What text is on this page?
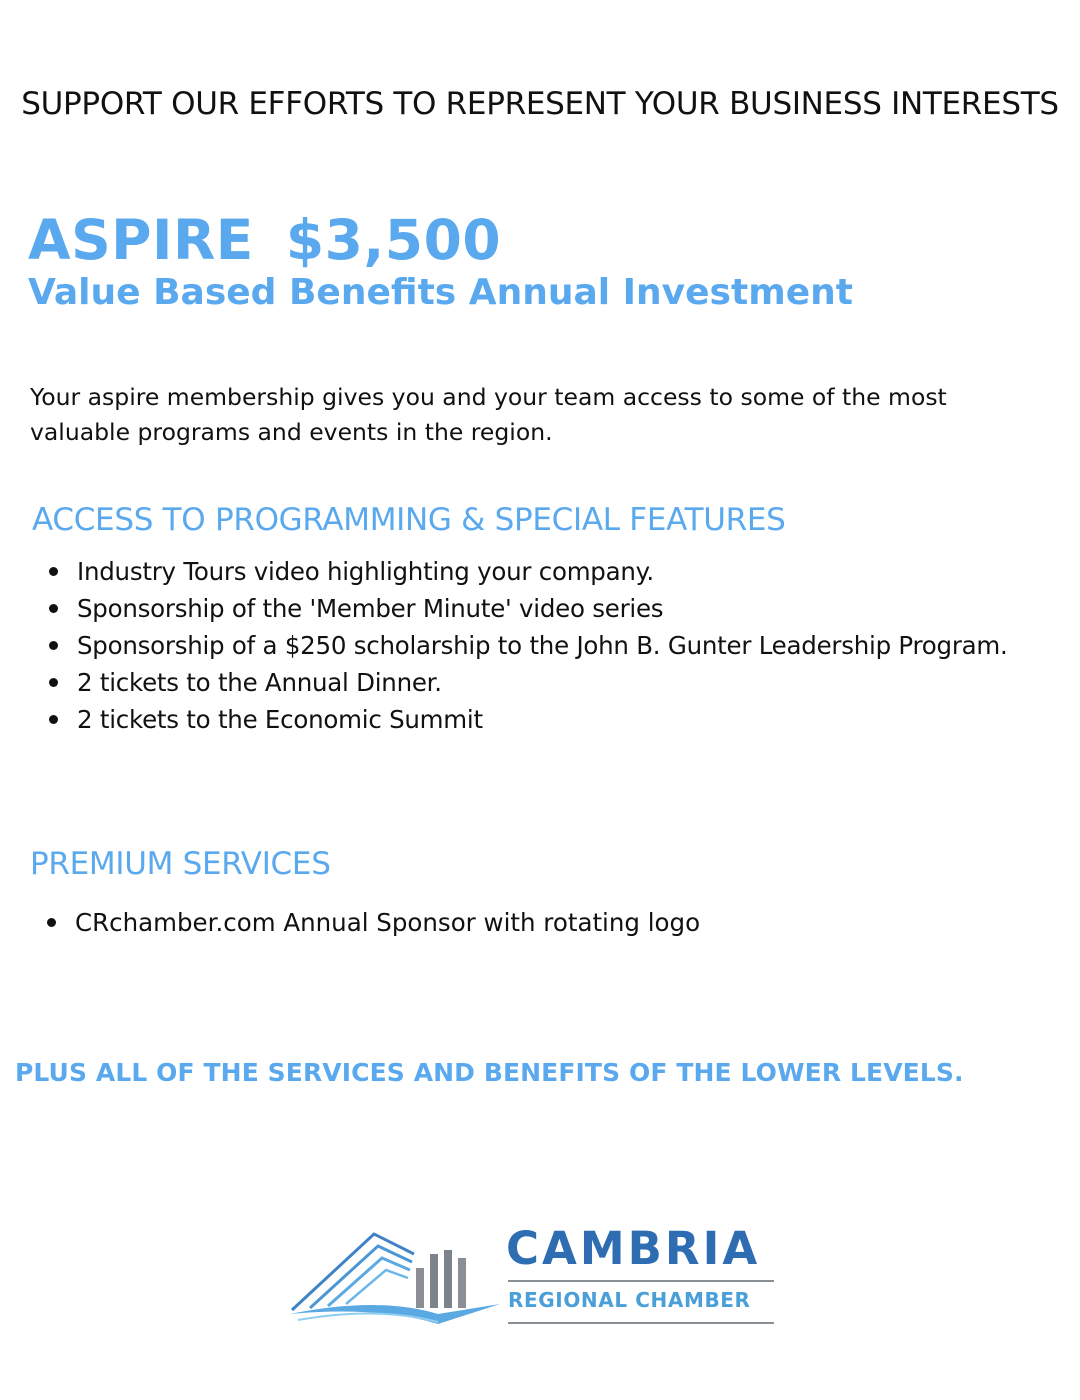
SUPPORT OUR EFFORTS TO REPRESENT YOUR BUSINESS INTERESTS
ASPIRE $3,500
Value Based Benefits Annual Investment
Your aspire membership gives you and your team access to some of the most valuable programs and events in the region.
ACCESS TO PROGRAMMING & SPECIAL FEATURES
Industry Tours video highlighting your company.
Sponsorship of the 'Member Minute' video series
Sponsorship of a $250 scholarship to the John B. Gunter Leadership Program.
2 tickets to the Annual Dinner.
2 tickets to the Economic Summit
PREMIUM SERVICES
CRchamber.com Annual Sponsor with rotating logo
PLUS ALL OF THE SERVICES AND BENEFITS OF THE LOWER LEVELS.
CAMBRIA
REGIONAL CHAMBER
